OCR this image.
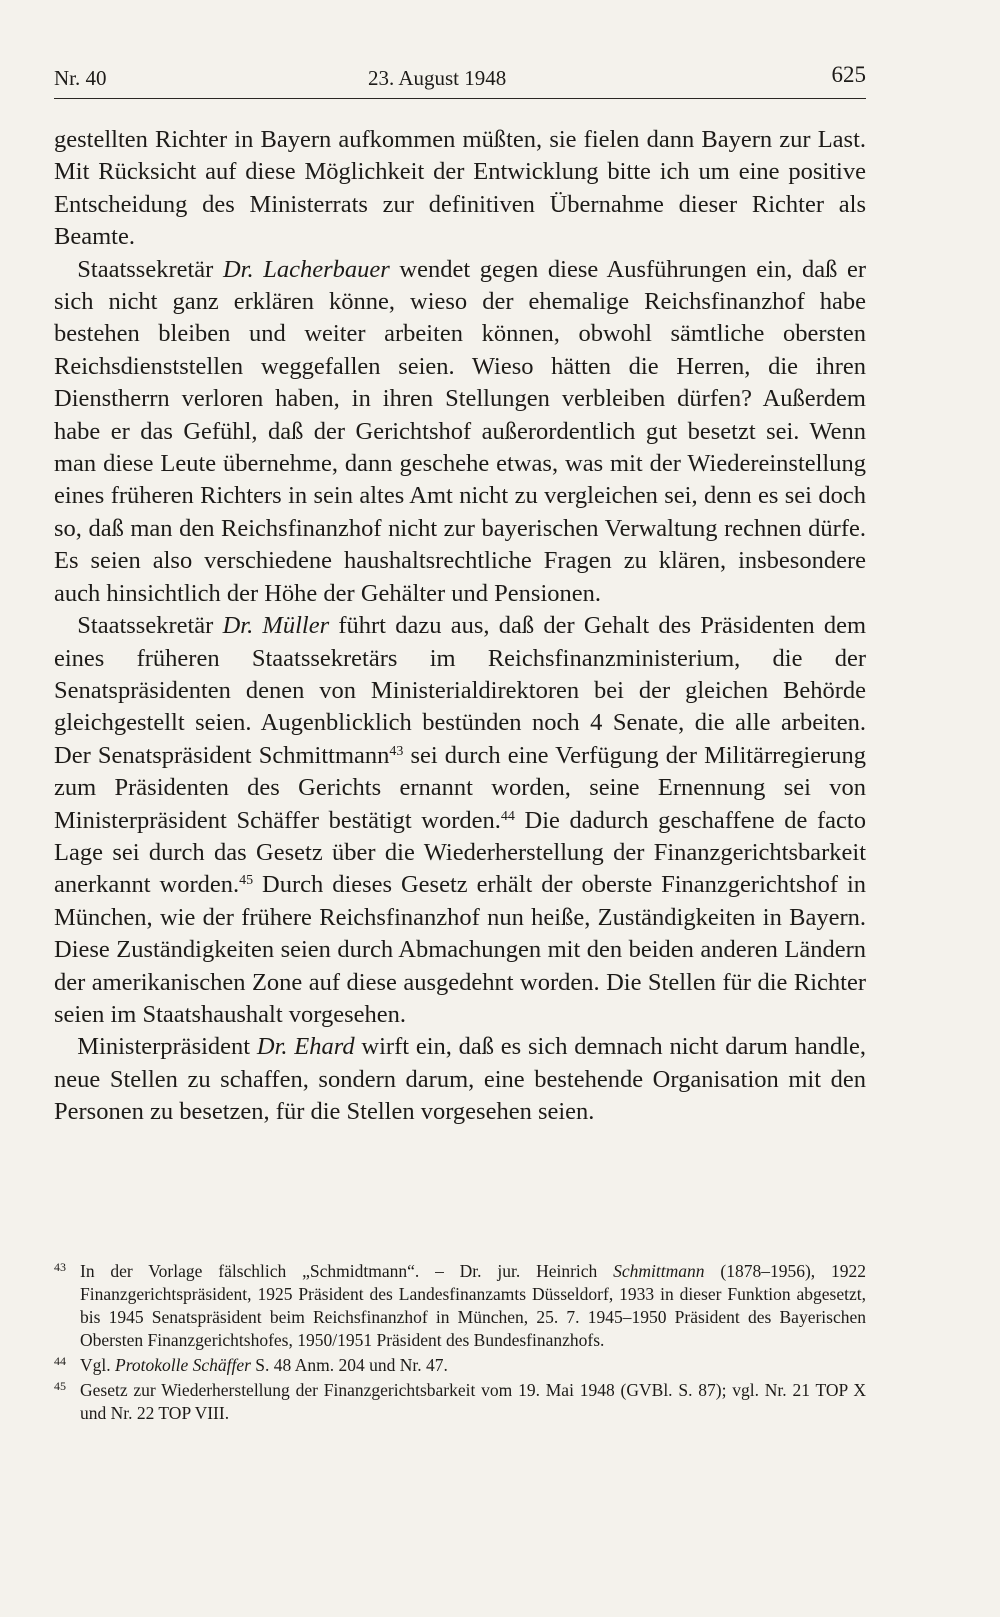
Nr. 40	23. August 1948	625

gestellten Richter in Bayern aufkommen müßten, sie fielen dann Bayern zur Last. Mit Rücksicht auf diese Möglichkeit der Entwicklung bitte ich um eine positive Entscheidung des Ministerrats zur definitiven Übernahme dieser Richter als Beamte.

Staatssekretär Dr. Lacherbauer wendet gegen diese Ausführungen ein, daß er sich nicht ganz erklären könne, wieso der ehemalige Reichsfinanzhof habe bestehen bleiben und weiter arbeiten können, obwohl sämtliche obersten Reichsdienststellen weggefallen seien. Wieso hätten die Herren, die ihren Dienstherrn verloren haben, in ihren Stellungen verbleiben dürfen? Außerdem habe er das Gefühl, daß der Gerichtshof außerordentlich gut besetzt sei. Wenn man diese Leute übernehme, dann geschehe etwas, was mit der Wiedereinstellung eines früheren Richters in sein altes Amt nicht zu vergleichen sei, denn es sei doch so, daß man den Reichsfinanzhof nicht zur bayerischen Verwaltung rechnen dürfe. Es seien also verschiedene haushaltsrechtliche Fragen zu klären, insbesondere auch hinsichtlich der Höhe der Gehälter und Pensionen.

Staatssekretär Dr. Müller führt dazu aus, daß der Gehalt des Präsidenten dem eines früheren Staatssekretärs im Reichsfinanzministerium, die der Senatspräsidenten denen von Ministerialdirektoren bei der gleichen Behörde gleichgestellt seien. Augenblicklich bestünden noch 4 Senate, die alle arbeiten. Der Senatspräsident Schmittmann$^{43}$ sei durch eine Verfügung der Militärregierung zum Präsidenten des Gerichts ernannt worden, seine Ernennung sei von Ministerpräsident Schäffer bestätigt worden.$^{44}$ Die dadurch geschaffene de facto Lage sei durch das Gesetz über die Wiederherstellung der Finanzgerichtsbarkeit anerkannt worden.$^{45}$ Durch dieses Gesetz erhält der oberste Finanzgerichtshof in München, wie der frühere Reichsfinanzhof nun heiße, Zuständigkeiten in Bayern. Diese Zuständigkeiten seien durch Abmachungen mit den beiden anderen Ländern der amerikanischen Zone auf diese ausgedehnt worden. Die Stellen für die Richter seien im Staatshaushalt vorgesehen.

Ministerpräsident Dr. Ehard wirft ein, daß es sich demnach nicht darum handle, neue Stellen zu schaffen, sondern darum, eine bestehende Organisation mit den Personen zu besetzen, für die Stellen vorgesehen seien.

43 In der Vorlage fälschlich „Schmidtmann“. – Dr. jur. Heinrich Schmittmann (1878–1956), 1922 Finanzgerichtspräsident, 1925 Präsident des Landesfinanzamts Düsseldorf, 1933 in dieser Funktion abgesetzt, bis 1945 Senatspräsident beim Reichsfinanzhof in München, 25. 7. 1945–1950 Präsident des Bayerischen Obersten Finanzgerichtshofes, 1950/1951 Präsident des Bundesfinanzhofs.

44 Vgl. Protokolle Schäffer S. 48 Anm. 204 und Nr. 47.

45 Gesetz zur Wiederherstellung der Finanzgerichtsbarkeit vom 19. Mai 1948 (GVBl. S. 87); vgl. Nr. 21 TOP X und Nr. 22 TOP VIII.
